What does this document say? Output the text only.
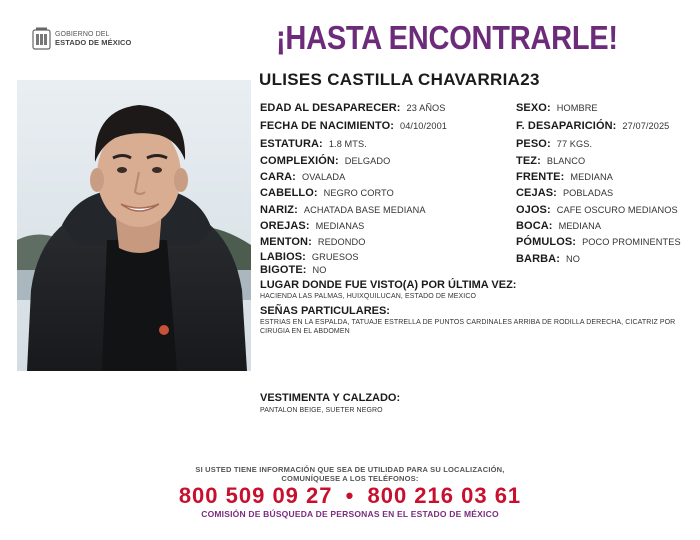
GOBIERNO DEL
ESTADO DE MÉXICO	¡HASTA ENCONTRARLE!
ULISES CASTILLA CHAVARRIA23
EDAD AL DESAPARECER: 23 AÑOS
FECHA DE NACIMIENTO: 04/10/2001
ESTATURA: 1.8 MTS.
COMPLEXIÓN: DELGADO
CARA: OVALADA
CABELLO: NEGRO CORTO
NARIZ: ACHATADA BASE MEDIANA
OREJAS: MEDIANAS
MENTON: REDONDO
LABIOS: GRUESOS
BIGOTE: NO
SEXO: HOMBRE
F. DESAPARICIÓN: 27/07/2025
PESO: 77 KGS.
TEZ: BLANCO
FRENTE: MEDIANA
CEJAS: POBLADAS
OJOS: CAFE OSCURO MEDIANOS
BOCA: MEDIANA
PÓMULOS: POCO PROMINENTES
BARBA: NO
LUGAR DONDE FUE VISTO(A) POR ÚLTIMA VEZ:
HACIENDA LAS PALMAS, HUIXQUILUCAN, ESTADO DE MEXICO
SEÑAS PARTICULARES:
ESTRIAS EN LA ESPALDA, TATUAJE ESTRELLA DE PUNTOS CARDINALES ARRIBA DE RODILLA DERECHA, CICATRIZ POR CIRUGIA EN EL ABDOMEN
VESTIMENTA Y CALZADO:
PANTALON BEIGE, SUETER NEGRO
SI USTED TIENE INFORMACIÓN QUE SEA DE UTILIDAD PARA SU LOCALIZACIÓN,
COMUNÍQUESE A LOS TELÉFONOS:
800 509 09 27 • 800 216 03 61
COMISIÓN DE BÚSQUEDA DE PERSONAS EN EL ESTADO DE MÉXICO
